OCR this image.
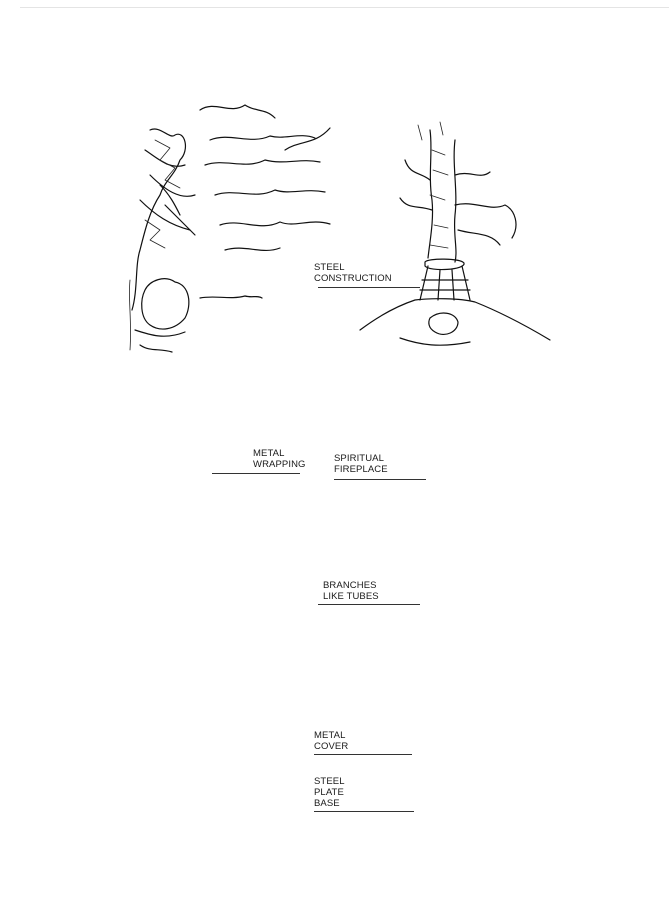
STEEL
CONSTRUCTION
METAL
WRAPPING
SPIRITUAL
FIREPLACE
BRANCHES
LIKE TUBES
METAL
COVER
STEEL
PLATE
BASE
